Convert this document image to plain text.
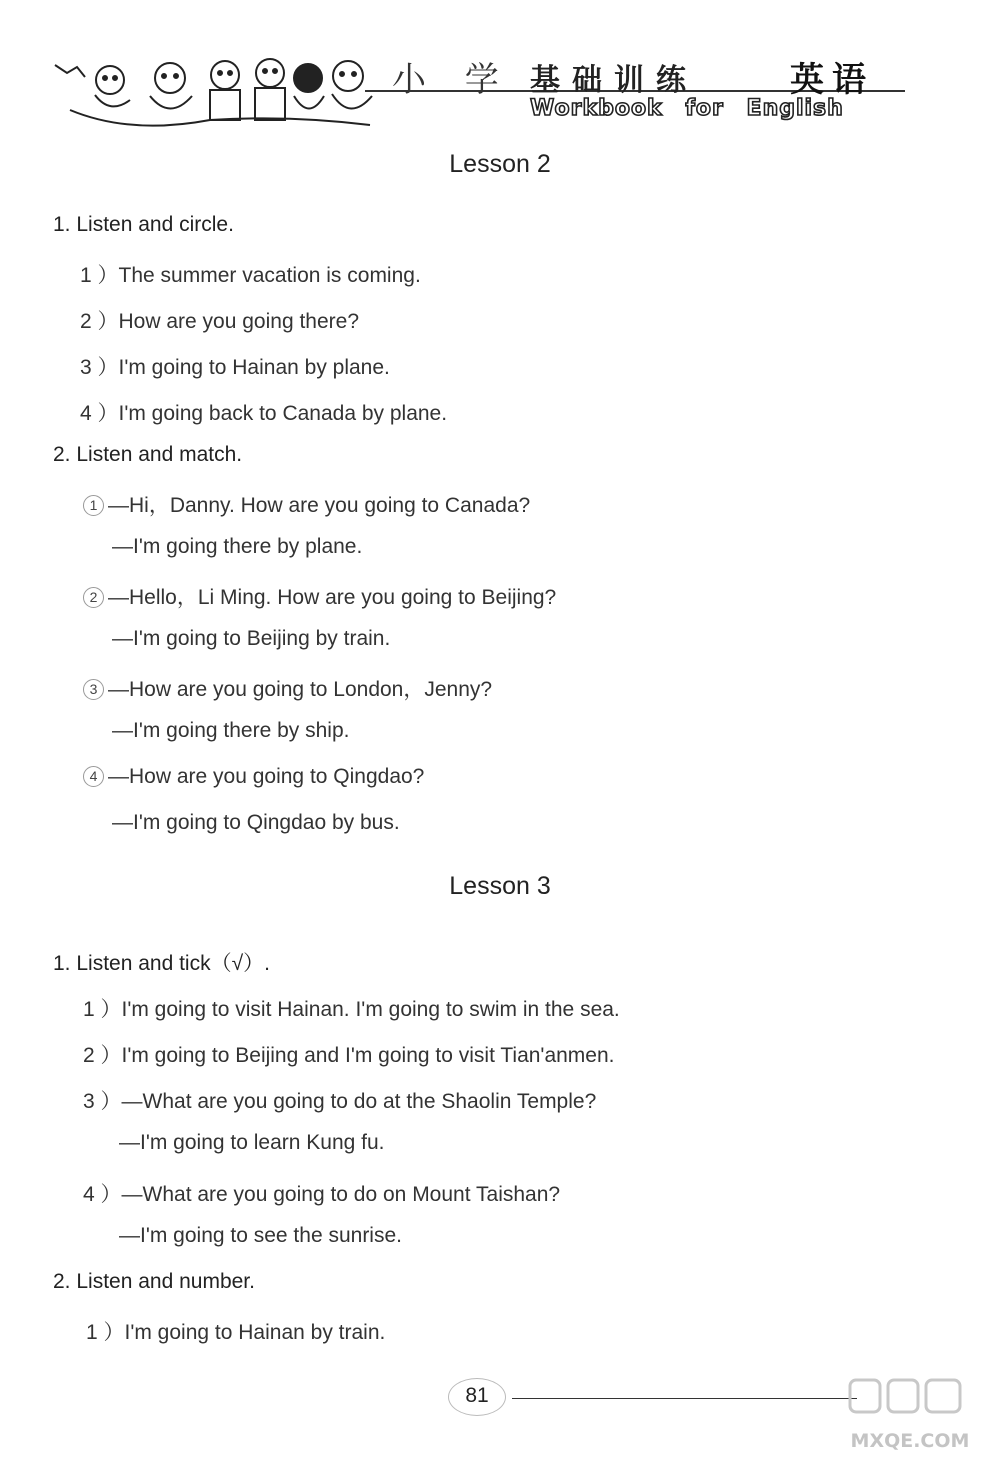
小 学 基础训练	英语
Workbook for English
Lesson 2
1. Listen and circle.
1 ）The summer vacation is coming.
2 ）How are you going there?
3 ）I'm going to Hainan by plane.
4 ）I'm going back to Canada by plane.
2. Listen and match.
1 —Hi，Danny. How are you going to Canada?
—I'm going there by plane.
2 —Hello，Li Ming. How are you going to Beijing?
—I'm going to Beijing by train.
3 —How are you going to London，Jenny?
—I'm going there by ship.
4 —How are you going to Qingdao?
—I'm going to Qingdao by bus.
Lesson 3
1. Listen and tick（√）.
1 ）I'm going to visit Hainan. I'm going to swim in the sea.
2 ）I'm going to Beijing and I'm going to visit Tian'anmen.
3 ）—What are you going to do at the Shaolin Temple?
—I'm going to learn Kung fu.
4 ）—What are you going to do on Mount Taishan?
—I'm going to see the sunrise.
2. Listen and number.
1 ）I'm going to Hainan by train.
81
MXQE.COM
